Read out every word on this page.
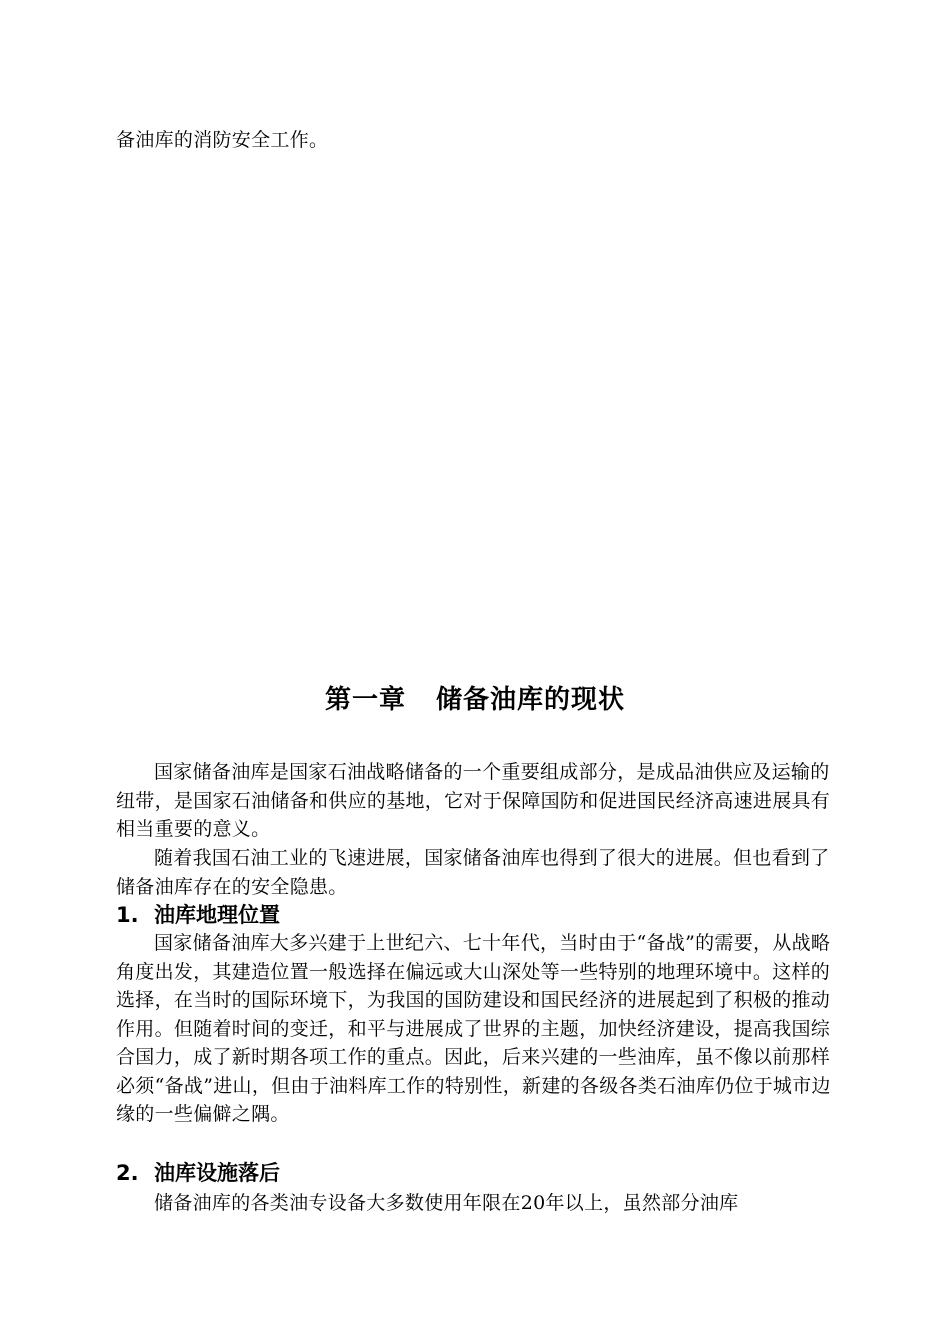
备油库的消防安全工作。

第一章 储备油库的现状

国家储备油库是国家石油战略储备的一个重要组成部分，是成品油供应及运输的纽带，是国家石油储备和供应的基地，它对于保障国防和促进国民经济高速进展具有相当重要的意义。

随着我国石油工业的飞速进展，国家储备油库也得到了很大的进展。但也看到了储备油库存在的安全隐患。

1. 油库地理位置

国家储备油库大多兴建于上世纪六、七十年代，当时由于“备战”的需要，从战略角度出发，其建造位置一般选择在偏远或大山深处等一些特别的地理环境中。这样的选择，在当时的国际环境下，为我国的国防建设和国民经济的进展起到了积极的推动作用。但随着时间的变迁，和平与进展成了世界的主题，加快经济建设，提高我国综合国力，成了新时期各项工作的重点。因此，后来兴建的一些油库，虽不像以前那样必须“备战”进山，但由于油料库工作的特别性，新建的各级各类石油库仍位于城市边缘的一些偏僻之隅。

2. 油库设施落后

储备油库的各类油专设备大多数使用年限在20年以上，虽然部分油库
